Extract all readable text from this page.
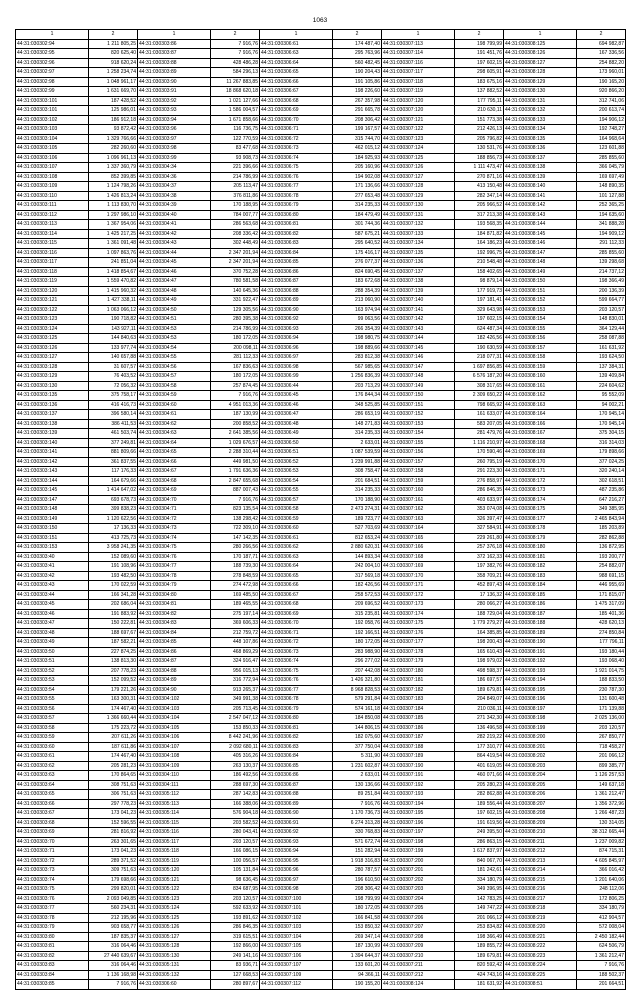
1063
1	2	1	2	1	2	1	2	1	2
44:31:030302:94	1 211 805,25	44:31:030303:86	7 916,76	44:31:030306:61	174 487,40	44:31:030307:113	198 799,99	44:31:030308:125	694 982,87
44:31:030302:95	820 625,40	44:31:030303:87	7 916,76	44:31:030306:63	295 763,96	44:31:030307:114	191 451,76	44:31:030308:126	167 336,56
44:31:030302:96	918 620,24	44:31:030303:88	428 486,28	44:31:030306:64	560 482,45	44:31:030307:116	197 602,15	44:31:030308:127	254 882,20
44:31:030302:97	1 258 234,74	44:31:030303:89	584 296,13	44:31:030306:65	190 204,43	44:31:030307:117	298 605,91	44:31:030308:128	173 960,01
44:31:030302:98	1 048 961,17	44:31:030303:90	11 267 883,85	44:31:030306:66	191 105,86	44:31:030307:118	183 675,16	44:31:030308:129	190 165,20
44:31:030302:99	1 631 669,70	44:31:030303:91	18 868 620,18	44:31:030306:67	198 226,60	44:31:030307:119	137 882,52	44:31:030308:130	920 866,20
44:31:030303:101	187 428,52	44:31:030303:92	1 021 127,66	44:31:030306:68	267 357,98	44:31:030307:120	177 795,11	44:31:030308:131	312 741,06
44:31:030303:101	125 986,01	44:31:030303:93	1 586 004,57	44:31:030306:69	291 665,78	44:31:030307:120	210 630,11	44:31:030308:132	200 613,74
44:31:030303:102	186 912,18	44:31:030303:94	1 671 858,66	44:31:030306:70	208 306,42	44:31:030307:121	151 773,38	44:31:030308:133	194 906,12
44:31:030303:103	93 872,42	44:31:030303:96	116 736,75	44:31:030306:71	199 167,57	44:31:030307:122	212 426,13	44:31:030308:134	192 748,27
44:31:030303:104	1 329 766,66	44:31:030303:97	122 770,59	44:31:030306:72	315 744,70	44:31:030307:123	205 796,82	44:31:030308:135	164 968,64
44:31:030303:105	282 260,60	44:31:030303:98	83 477,68	44:31:030306:73	462 015,12	44:31:030307:124	130 531,76	44:31:030308:136	123 601,88
44:31:030303:106	1 096 961,13	44:31:030303:99	93 908,73	44:31:030306:74	184 925,93	44:31:030307:125	188 856,73	44:31:030308:137	285 855,60
44:31:030303:107	1 337 360,79	44:31:030304:34	221 396,66	44:31:030306:75	205 160,96	44:31:030307:126	1 111 473,47	44:31:030308:138	366 045,79
44:31:030303:108	852 399,85	44:31:030304:36	214 786,99	44:31:030306:76	194 902,08	44:31:030307:127	270 871,16	44:31:030308:139	169 697,49
44:31:030303:109	1 124 798,26	44:31:030304:37	205 113,47	44:31:030306:77	171 136,66	44:31:030307:128	413 150,48	44:31:030308:140	148 890,35
44:31:030303:110	1 426 813,24	44:31:030304:38	376 811,86	44:31:030306:78	277 653,48	44:31:030307:129	282 347,14	44:31:030308:141	101 127,88
44:31:030303:111	1 113 830,70	44:31:030304:39	170 188,95	44:31:030306:79	314 235,33	44:31:030307:130	205 966,52	44:31:030308:142	252 365,25
44:31:030303:112	1 297 986,10	44:31:030304:40	784 007,77	44:31:030306:80	184 479,49	44:31:030307:131	317 213,38	44:31:030308:143	194 635,60
44:31:030303:113	1 367 954,06	44:31:030304:41	286 563,68	44:31:030306:81	301 744,36	44:31:030307:132	193 568,35	44:31:030308:144	341 888,28
44:31:030303:114	1 425 217,25	44:31:030304:42	208 336,42	44:31:030306:82	587 675,21	44:31:030307:133	184 871,82	44:31:030308:145	194 909,12
44:31:030303:115	1 361 091,48	44:31:030304:43	302 448,49	44:31:030306:83	295 640,52	44:31:030307:134	164 186,23	44:31:030308:146	291 112,33
44:31:030303:116	1 097 863,76	44:31:030304:44	2 347 201,94	44:31:030306:84	175 416,17	44:31:030307:135	192 996,75	44:31:030308:147	285 855,60
44:31:030303:117	241 851,04	44:31:030304:45	2 347 201,94	44:31:030306:85	276 077,37	44:31:030307:136	210 548,48	44:31:030308:148	139 298,68
44:31:030303:118	1 418 854,67	44:31:030304:46	370 752,28	44:31:030306:86	824 690,45	44:31:030307:137	158 402,65	44:31:030308:149	214 737,12
44:31:030303:119	1 559 470,82	44:31:030304:47	780 581,58	44:31:030306:87	183 672,68	44:31:030307:138	98 879,14	44:31:030308:150	198 366,49
44:31:030303:120	1 415 960,32	44:31:030304:48	140 645,36	44:31:030306:88	288 354,39	44:31:030307:139	177 919,73	44:31:030308:151	200 136,39
44:31:030303:121	1 427 338,11	44:31:030304:49	331 922,47	44:31:030306:89	213 060,90	44:31:030307:140	197 181,41	44:31:030308:152	599 664,77
44:31:030303:122	1 063 066,12	44:31:030304:50	129 305,56	44:31:030306:90	163 974,94	44:31:030307:141	329 643,98	44:31:030308:153	203 120,57
44:31:030303:123	190 718,82	44:31:030304:51	280 395,38	44:31:030306:92	99 063,56	44:31:030307:142	197 602,15	44:31:030308:154	148 830,01
44:31:030303:124	143 927,11	44:31:030304:53	214 786,99	44:31:030306:93	266 354,39	44:31:030307:143	624 487,34	44:31:030308:155	364 129,44
44:31:030303:125	144 840,63	44:31:030304:53	180 172,05	44:31:030306:94	198 980,75	44:31:030307:144	182 426,56	44:31:030308:156	258 087,88
44:31:030303:126	133 977,74	44:31:030304:54	200 098,11	44:31:030306:96	198 889,66	44:31:030307:145	190 630,59	44:31:030308:157	161 631,92
44:31:030303:127	140 657,88	44:31:030304:55	281 112,33	44:31:030306:97	283 812,38	44:31:030307:146	218 077,31	44:31:030308:158	193 624,50
44:31:030303:128	31 607,57	44:31:030304:56	167 836,63	44:31:030306:98	567 985,65	44:31:030307:147	1 697 856,85	44:31:030308:159	137 384,31
44:31:030303:129	76 403,52	44:31:030304:57	180 172,05	44:31:030306:99	1 256 836,39	44:31:030307:148	6 576 187,20	44:31:030308:160	139 409,84
44:31:030303:130	72 056,32	44:31:030304:58	257 874,45	44:31:030306:44	203 713,29	44:31:030307:149	308 317,65	44:31:030308:161	224 604,62
44:31:030303:135	375 758,17	44:31:030304:59	7 916,76	44:31:030306:45	176 844,34	44:31:030307:150	2 309 650,22	44:31:030308:162	95 552,09
44:31:030303:136	416 416,73	44:31:030304:60	4 951 013,36	44:31:030306:46	348 525,85	44:31:030307:151	798 665,92	44:31:030308:163	94 002,21
44:31:030303:137	396 580,14	44:31:030304:61	187 130,99	44:31:030306:47	286 653,19	44:31:030307:152	161 633,07	44:31:030308:164	170 945,14
44:31:030303:138	386 411,53	44:31:030304:62	200 858,52	44:31:030306:48	148 271,83	44:31:030307:153	583 207,05	44:31:030308:166	170 945,14
44:31:030303:139	461 503,74	44:31:030304:63	2 641 385,56	44:31:030306:49	314 235,33	44:31:030307:154	281 479,76	44:31:030308:167	375 304,15
44:31:030303:140	377 249,81	44:31:030304:64	1 029 676,57	44:31:030306:50	2 633,01	44:31:030307:155	1 116 210,97	44:31:030308:168	316 314,03
44:31:030303:141	881 809,66	44:31:030304:65	2 288 310,44	44:31:030306:51	1 087 539,59	44:31:030307:156	170 590,46	44:31:030308:169	179 898,66
44:31:030303:142	361 837,55	44:31:030304:66	449 981,50	44:31:030306:52	1 239 991,88	44:31:030307:157	260 795,19	44:31:030308:170	377 024,25
44:31:030303:143	117 176,33	44:31:030304:67	1 791 636,36	44:31:030306:53	308 758,47	44:31:030307:158	291 223,30	44:31:030308:171	320 240,14
44:31:030303:144	164 679,66	44:31:030304:68	2 847 655,68	44:31:030306:54	201 684,51	44:31:030307:159	276 858,97	44:31:030308:172	302 618,51
44:31:030303:145	1 414 647,02	44:31:030304:69	887 007,43	44:31:030306:55	314 235,33	44:31:030307:160	286 846,35	44:31:030308:173	487 235,86
44:31:030303:147	693 678,73	44:31:030304:70	7 916,76	44:31:030306:57	170 188,90	44:31:030307:161	403 633,97	44:31:030308:174	647 216,27
44:31:030303:148	399 838,23	44:31:030304:71	823 135,54	44:31:030306:58	2 473 274,31	44:31:030307:162	353 074,08	44:31:030308:175	349 385,95
44:31:030303:149	1 120 622,56	44:31:030304:72	138 298,42	44:31:030306:59	189 723,77	44:31:030307:163	326 397,47	44:31:030308:177	2 465 843,94
44:31:030303:150	17 136,33	44:31:030304:73	722 309,10	44:31:030306:60	527 703,69	44:31:030307:164	327 584,91	44:31:030308:178	185 203,89
44:31:030303:151	413 725,73	44:31:030304:74	147 142,35	44:31:030306:61	812 653,24	44:31:030307:165	229 261,80	44:31:030308:179	282 862,88
44:31:030303:153	3 958 241,35	44:31:030304:75	280 266,56	44:31:030306:62	2 880 620,31	44:31:030307:166	257 376,18	44:31:030308:180	136 872,95
44:31:030303:40	152 089,60	44:31:030304:76	170 187,71	44:31:030306:63	144 893,34	44:31:030307:168	372 162,33	44:31:030308:181	193 200,77
44:31:030303:41	191 108,96	44:31:030304:77	188 739,30	44:31:030306:64	242 004,10	44:31:030307:169	197 382,76	44:31:030308:182	254 882,07
44:31:030303:42	193 482,50	44:31:030304:78	278 848,59	44:31:030306:65	317 569,18	44:31:030307:170	358 709,21	44:31:030308:183	988 691,15
44:31:030303:43	170 022,59	44:31:030304:79	274 472,98	44:31:030306:66	182 426,56	44:31:030307:171	452 897,43	44:31:030308:184	446 955,69
44:31:030303:44	166 341,28	44:31:030304:80	169 485,50	44:31:030306:67	258 572,53	44:31:030307:172	17 136,32	44:31:030308:185	171 815,07
44:31:030303:45	202 686,04	44:31:030304:81	189 465,55	44:31:030306:68	209 696,52	44:31:030307:173	280 066,27	44:31:030308:186	1 475 317,09
44:31:030303:46	191 883,92	44:31:030304:82	275 197,14	44:31:030306:69	315 235,81	44:31:030307:174	188 729,04	44:31:030308:187	185 401,36
44:31:030303:47	150 222,81	44:31:030304:83	369 606,33	44:31:030306:70	192 058,76	44:31:030307:175	1 779 279,27	44:31:030308:188	428 620,13
44:31:030303:48	188 697,67	44:31:030304:84	212 759,72	44:31:030306:71	192 166,51	44:31:030307:176	164 385,85	44:31:030308:189	274 850,84
44:31:030303:49	187 582,21	44:31:030304:85	448 107,86	44:31:030306:72	180 172,05	44:31:030307:177	198 200,43	44:31:030308:190	177 796,11
44:31:030303:50	227 874,25	44:31:030304:86	468 869,29	44:31:030306:73	283 988,90	44:31:030307:178	165 610,43	44:31:030308:191	193 180,44
44:31:030303:51	138 813,30	44:31:030304:87	324 916,47	44:31:030306:74	296 277,02	44:31:030307:179	198 979,02	44:31:030308:192	193 068,40
44:31:030303:52	207 778,23	44:31:030304:88	956 015,13	44:31:030306:75	207 442,08	44:31:030307:180	498 598,37	44:31:030308:193	1 921 014,75
44:31:030303:53	152 099,52	44:31:030304:89	316 772,94	44:31:030306:76	1 426 321,80	44:31:030307:181	186 697,57	44:31:030308:194	188 833,50
44:31:030303:54	179 221,26	44:31:030304:90	913 265,37	44:31:030306:77	8 968 828,53	44:31:030307:182	189 679,81	44:31:030308:195	230 787,30
44:31:030303:55	163 300,31	44:31:030304:102	349 991,38	44:31:030306:78	579 291,84	44:31:030307:183	204 849,07	44:31:030308:196	131 600,48
44:31:030303:56	174 467,40	44:31:030304:103	205 713,45	44:31:030306:79	574 161,18	44:31:030307:184	210 036,11	44:31:030308:197	171 139,88
44:31:030303:57	1 366 660,44	44:31:030304:104	2 547 047,12	44:31:030306:80	184 850,08	44:31:030307:185	271 342,30	44:31:030308:198	2 025 136,00
44:31:030303:58	175 223,72	44:31:030304:105	153 850,33	44:31:030306:81	144 806,15	44:31:030307:186	136 496,58	44:31:030308:199	203 120,57
44:31:030303:59	207 611,26	44:31:030304:106	8 442 241,96	44:31:030306:82	182 075,60	44:31:030307:187	282 219,22	44:31:030308:200	267 850,77
44:31:030303:60	187 611,86	44:31:030304:107	2 092 680,11	44:31:030306:83	377 750,04	44:31:030307:188	177 310,77	44:31:030308:201	718 458,27
44:31:030303:61	174 467,40	44:31:030304:108	405 316,26	44:31:030306:84	5 311,90	44:31:030307:189	864 419,54	44:31:030308:202	201 066,12
44:31:030303:62	205 281,23	44:31:030304:109	263 130,37	44:31:030306:85	1 231 602,87	44:31:030307:190	401 619,05	44:31:030308:203	899 385,77
44:31:030303:63	170 864,65	44:31:030304:110	186 492,56	44:31:030306:86	2 633,01	44:31:030307:191	460 071,66	44:31:030308:204	1 126 257,53
44:31:030303:64	308 751,63	44:31:030304:111	288 697,30	44:31:030306:87	130 136,66	44:31:030307:192	205 280,23	44:31:030308:205	149 637,18
44:31:030303:65	306 751,63	44:31:030305:112	287 142,83	44:31:030306:88	89 251,84	44:31:030307:193	282 862,88	44:31:030308:206	1 361 212,47
44:31:030303:66	297 778,23	44:31:030305:113	166 388,06	44:31:030306:89	7 916,76	44:31:030307:194	189 556,44	44:31:030308:207	1 356 372,96
44:31:030303:67	173 041,23	44:31:030305:114	576 904,18	44:31:030306:90	1 170 736,73	44:31:030307:195	197 602,15	44:31:030308:208	1 266 487,23
44:31:030303:68	152 596,55	44:31:030305:115	203 582,52	44:31:030306:91	6 274 313,28	44:31:030307:196	191 619,56	44:31:030308:209	130 314,05
44:31:030303:69	281 816,92	44:31:030305:116	280 043,41	44:31:030306:92	330 768,83	44:31:030307:197	249 395,50	44:31:030308:210	38 312 665,44
44:31:030303:70	263 301,65	44:31:030305:117	203 120,57	44:31:030306:93	571 672,74	44:31:030307:198	286 863,15	44:31:030308:211	1 237 009,82
44:31:030303:71	173 041,23	44:31:030305:118	166 086,15	44:31:030306:94	151 282,94	44:31:030307:199	1 617 837,97	44:31:030308:212	874 715,31
44:31:030303:72	289 371,52	44:31:030305:119	100 056,57	44:31:030306:95	1 918 316,83	44:31:030307:200	840 067,70	44:31:030308:213	4 605 845,97
44:31:030303:73	309 751,63	44:31:030305:120	105 131,84	44:31:030306:96	280 787,57	44:31:030307:201	181 242,61	44:31:030308:214	366 016,42
44:31:030303:74	179 698,66	44:31:030305:121	98 636,45	44:31:030306:97	196 610,50	44:31:030307:202	334 180,79	44:31:030308:215	1 201 640,06
44:31:030303:75	299 820,01	44:31:030305:122	834 687,95	44:31:030306:98	208 306,42	44:31:030307:203	349 396,95	44:31:030308:216	248 112,06
44:31:030303:76	2 093 049,85	44:31:030305:123	203 120,57	44:31:030307:100	198 799,99	44:31:030307:204	142 783,25	44:31:030308:217	172 806,25
44:31:030303:77	560 234,31	44:31:030305:124	592 633,92	44:31:030307:101	180 172,05	44:31:030307:205	149 747,22	44:31:030308:218	334 180,79
44:31:030303:78	212 195,96	44:31:030305:125	193 891,62	44:31:030307:102	166 841,58	44:31:030307:206	201 066,12	44:31:030308:219	412 904,57
44:31:030303:79	903 658,77	44:31:030305:126	286 846,35	44:31:030307:103	153 850,32	44:31:030307:207	253 834,82	44:31:030308:220	572 008,04
44:31:030303:80	187 835,37	44:31:030305:127	319 615,51	44:31:030307:104	269 347,14	44:31:030307:208	198 366,49	44:31:030308:221	2 450 182,44
44:31:030303:81	316 064,46	44:31:030305:128	192 866,00	44:31:030307:105	187 130,99	44:31:030307:209	189 855,72	44:31:030308:222	624 506,79
44:31:030303:82	27 440 639,67	44:31:030305:130	249 141,16	44:31:030307:106	1 394 644,37	44:31:030307:210	189 679,81	44:31:030308:223	1 361 212,47
44:31:030303:83	316 064,46	44:31:030305:131	83 936,71	44:31:030307:107	133 601,20	44:31:030307:211	820 592,42	44:31:030308:224	7 916,76
44:31:030303:84	1 136 168,98	44:31:030305:132	127 668,53	44:31:030307:109	94 366,11	44:31:030307:212	424 743,16	44:31:030308:225	188 502,37
44:31:030303:85	7 916,76	44:31:030306:60	280 897,67	44:31:030307:112	190 155,20	44:31:030308:124	181 631,92	44:31:030308:51	201 664,51
